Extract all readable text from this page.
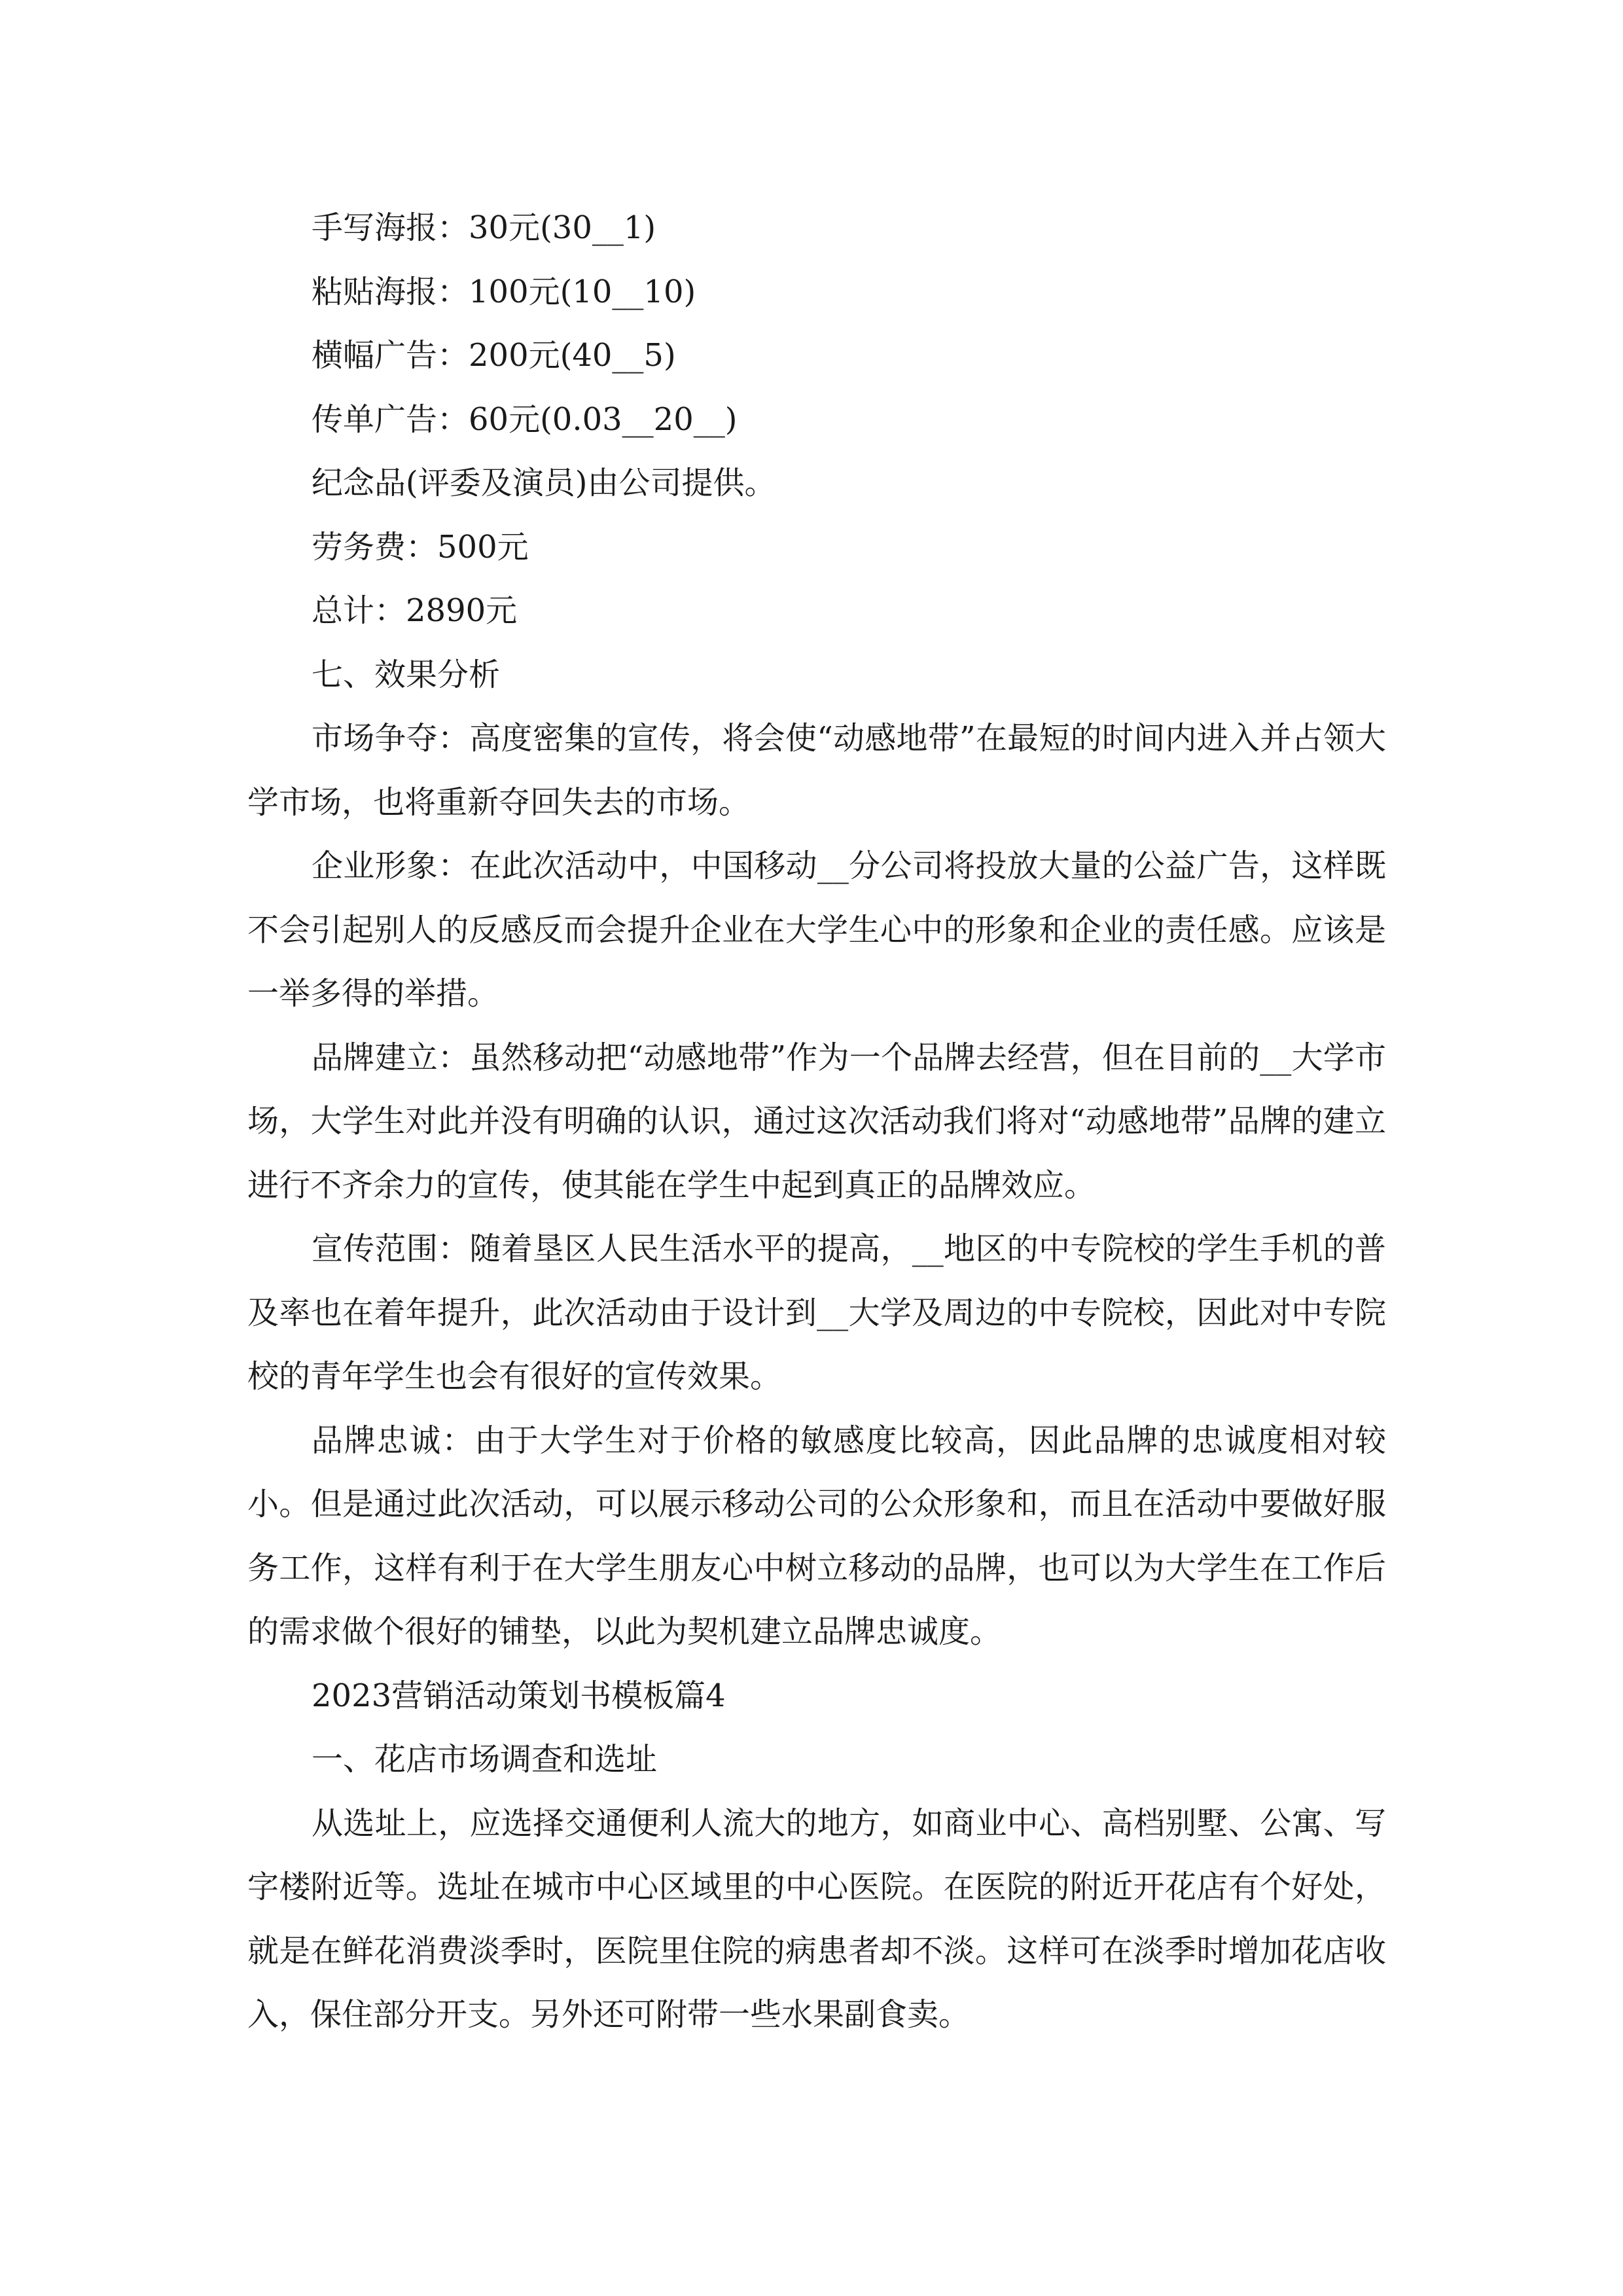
手写海报：30元(30__1)

粘贴海报：100元(10__10)

横幅广告：200元(40__5)

传单广告：60元(0.03__20__)

纪念品(评委及演员)由公司提供。

劳务费：500元

总计：2890元

七、效果分析

市场争夺：高度密集的宣传，将会使“动感地带”在最短的时间内进入并占领大学市场，也将重新夺回失去的市场。

企业形象：在此次活动中，中国移动__分公司将投放大量的公益广告，这样既不会引起别人的反感反而会提升企业在大学生心中的形象和企业的责任感。应该是一举多得的举措。

品牌建立：虽然移动把“动感地带”作为一个品牌去经营，但在目前的__大学市场，大学生对此并没有明确的认识，通过这次活动我们将对“动感地带”品牌的建立进行不齐余力的宣传，使其能在学生中起到真正的品牌效应。

宣传范围：随着垦区人民生活水平的提高，__地区的中专院校的学生手机的普及率也在着年提升，此次活动由于设计到__大学及周边的中专院校，因此对中专院校的青年学生也会有很好的宣传效果。

品牌忠诚：由于大学生对于价格的敏感度比较高，因此品牌的忠诚度相对较小。但是通过此次活动，可以展示移动公司的公众形象和，而且在活动中要做好服务工作，这样有利于在大学生朋友心中树立移动的品牌，也可以为大学生在工作后的需求做个很好的铺垫，以此为契机建立品牌忠诚度。

2023营销活动策划书模板篇4

一、花店市场调查和选址

从选址上，应选择交通便利人流大的地方，如商业中心、高档别墅、公寓、写字楼附近等。选址在城市中心区域里的中心医院。在医院的附近开花店有个好处，就是在鲜花消费淡季时，医院里住院的病患者却不淡。这样可在淡季时增加花店收入，保住部分开支。另外还可附带一些水果副食卖。
